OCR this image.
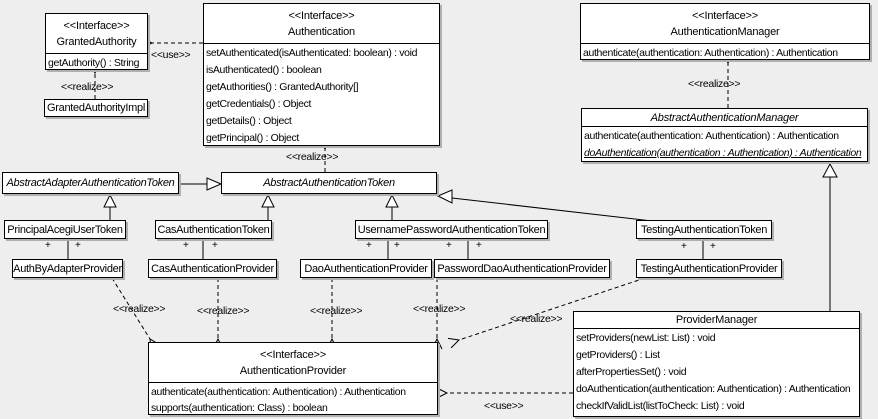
<<Interface>>
GrantedAuthority
getAuthority() : String
GrantedAuthorityImpl
<<Interface>>
Authentication
setAuthenticated(isAuthenticated: boolean) : void
isAuthenticated() : boolean
getAuthorities() : GrantedAuthority[]
getCredentials() : Object
getDetails() : Object
getPrincipal() : Object
<<Interface>>
AuthenticationManager
authenticate(authentication: Authentication) : Authentication
AbstractAuthenticationManager
authenticate(authentication: Authentication) : Authentication
doAuthentication(authentication : Authentication) : Authentication
AbstractAdapterAuthenticationToken	AbstractAuthenticationToken
PrincipalAcegiUserToken	CasAuthenticationToken	UsernamePasswordAuthenticationToken	TestingAuthenticationToken
AuthByAdapterProvider	CasAuthenticationProvider	DaoAuthenticationProvider PasswordDaoAuthenticationProvider	TestingAuthenticationProvider
ProviderManager
setProviders(newList: List) : void
getProviders() : List
afterPropertiesSet() : void
doAuthentication(authentication: Authentication) : Authentication
checkIfValidList(listToCheck: List) : void
<<Interface>>
AuthenticationProvider
authenticate(authentication: Authentication) : Authentication
supports(authentication: Class) : boolean
<<use>>
<<realize>>
<<realize>>
<<realize>>
<<realize>>	<<realize>>	<<realize>>	<<realize>>
<<realize>>
<<use>>
+ +	+ +	+ +	+ +	+ +
